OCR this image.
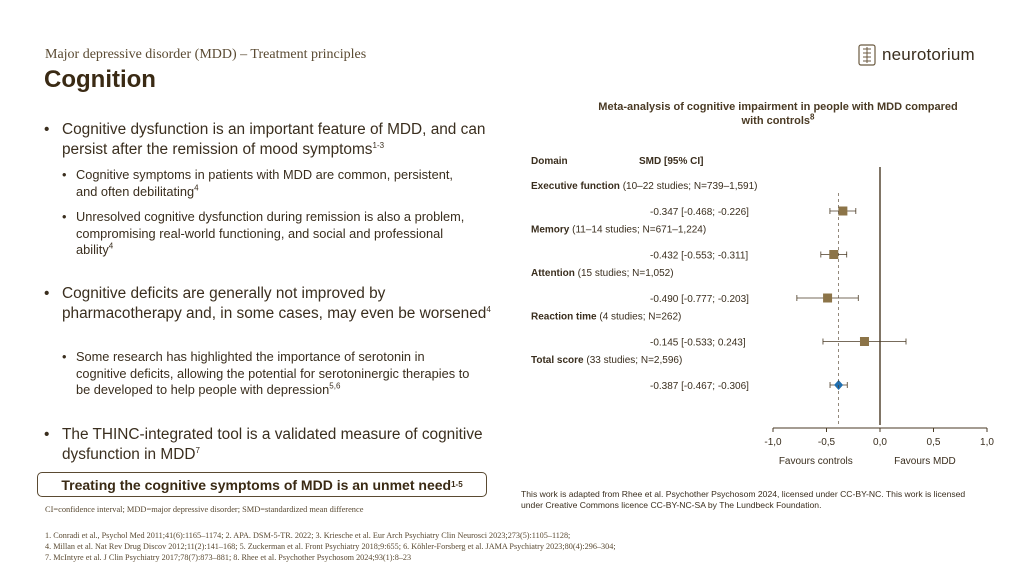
Major depressive disorder (MDD) – Treatment principles
Cognition
neurotorium
• Cognitive dysfunction is an important feature of MDD, and can persist after the remission of mood symptoms$^{1-3}$
• Cognitive symptoms in patients with MDD are common, persistent, and often debilitating$^4$
• Unresolved cognitive dysfunction during remission is also a problem, compromising real-world functioning, and social and professional ability$^4$
• Cognitive deficits are generally not improved by pharmacotherapy and, in some cases, may even be worsened$^4$
• Some research has highlighted the importance of serotonin in cognitive deficits, allowing the potential for serotoninergic therapies to be developed to help people with depression$^{5,6}$
• The THINC-integrated tool is a validated measure of cognitive dysfunction in MDD$^7$
Treating the cognitive symptoms of MDD is an unmet need 1-5
CI=confidence interval; MDD=major depressive disorder; SMD=standardized mean difference
1. Conradi et al., Psychol Med 2011;41(6):1165–1174; 2. APA. DSM-5-TR. 2022; 3. Kriesche et al. Eur Arch Psychiatry Clin Neurosci 2023;273(5):1105–1128;
4. Millan et al. Nat Rev Drug Discov 2012;11(2):141–168; 5. Zuckerman et al. Front Psychiatry 2018;9:655; 6. Köhler-Forsberg et al. JAMA Psychiatry 2023;80(4):296–304;
7. McIntyre et al. J Clin Psychiatry 2017;78(7):873–881; 8. Rhee et al. Psychother Psychosom 2024;93(1):8–23
This work is adapted from Rhee et al. Psychother Psychosom 2024, licensed under CC-BY-NC. This work is licensed under Creative Commons licence CC-BY-NC-SA by The Lundbeck Foundation.
Meta-analysis of cognitive impairment in people with MDD compared with controls$^8$
Domain	SMD [95% CI]
Executive function (10–22 studies; N=739–1,591)
-0.347 [-0.468; -0.226]
Memory (11–14 studies; N=671–1,224)
-0.432 [-0.553; -0.311]
Attention (15 studies; N=1,052)
-0.490 [-0.777; -0.203]
Reaction time (4 studies; N=262)
-0.145 [-0.533; 0.243]
Total score (33 studies; N=2,596)
-0.387 [-0.467; -0.306]
-1,0	-0,5	0,0	0,5	1,0
Favours controls	Favours MDD
